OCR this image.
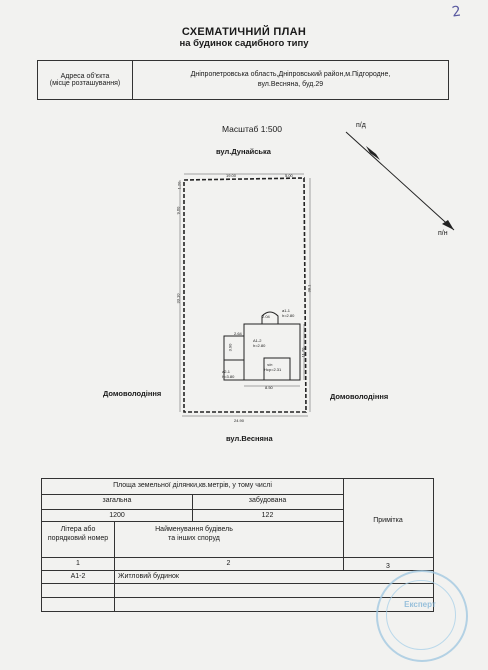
2
СХЕМАТИЧНИЙ ПЛАН
на будинок садибного типу
Адреса об'єкта
(місце розташування)
Дніпропетровська область,Дніпровський район,м.Підгородне,
вул.Весняна, буд.29
Масштаб 1:500	п/д
п/н
вул.Дунайська
вул.Весняна
Домоволодіння	Домоволодіння
19.00	5.00
1.20
9.60
33.10
38.1
24.90
2.04
2.64
3.90
8.50
11.70
А1-2
h=2.80
а1-1
h=2.80
а2-1
h=3.80
ч/п
Нср=2.31
Площа земельної ділянки,кв.метрів, у тому числі
загальна	забудована
1200	122
Примітка
Літера або порядковий номер
Найменування будівель та інших споруд
1	2	3
А1-2	Житловий будинок
Експерт
